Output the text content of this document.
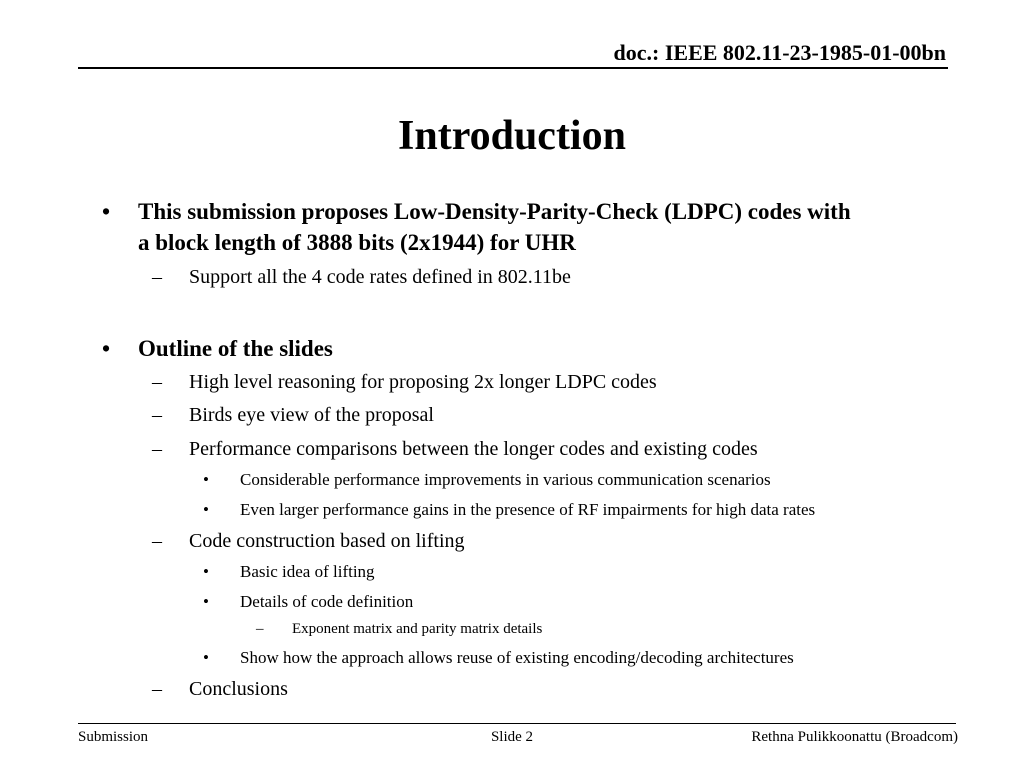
doc.: IEEE 802.11-23-1985-01-00bn
Introduction
• This submission proposes Low-Density-Parity-Check (LDPC) codes with
a block length of 3888 bits (2x1944) for UHR
– Support all the 4 code rates defined in 802.11be
• Outline of the slides
– High level reasoning for proposing 2x longer LDPC codes
– Birds eye view of the proposal
– Performance comparisons between the longer codes and existing codes
• Considerable performance improvements in various communication scenarios
• Even larger performance gains in the presence of RF impairments for high data rates
– Code construction based on lifting
• Basic idea of lifting
• Details of code definition
– Exponent matrix and parity matrix details
• Show how the approach allows reuse of existing encoding/decoding architectures
– Conclusions
Submission	Slide 2	Rethna Pulikkoonattu (Broadcom)
